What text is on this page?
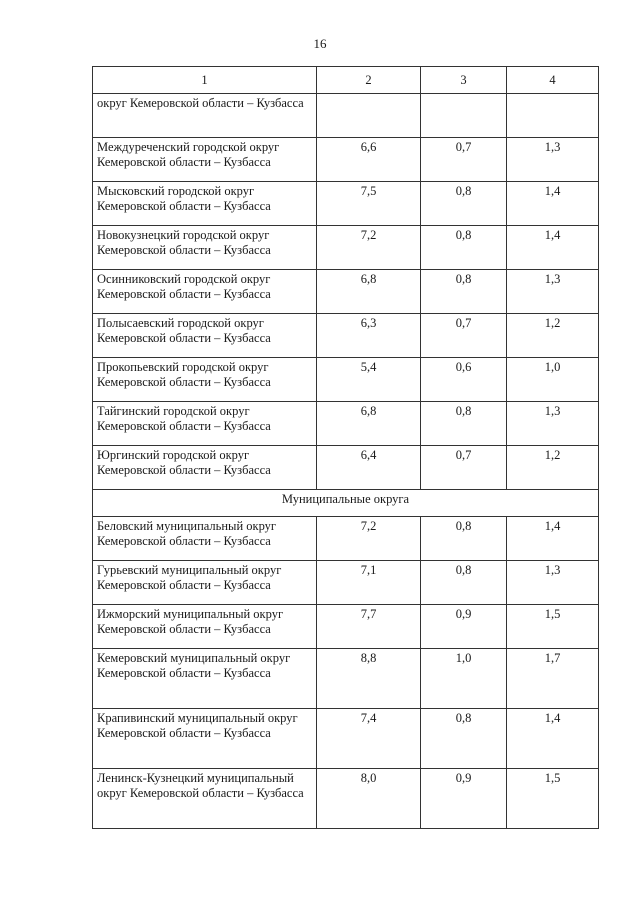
16
1	2	3	4
округ Кемеровской области – Кузбасса			
Междуреченский городской округ Кемеровской области – Кузбасса	6,6	0,7	1,3
Мысковский городской округ Кемеровской области – Кузбасса	7,5	0,8	1,4
Новокузнецкий городской округ Кемеровской области – Кузбасса	7,2	0,8	1,4
Осинниковский городской округ Кемеровской области – Кузбасса	6,8	0,8	1,3
Полысаевский городской округ Кемеровской области – Кузбасса	6,3	0,7	1,2
Прокопьевский городской округ Кемеровской области – Кузбасса	5,4	0,6	1,0
Тайгинский городской округ Кемеровской области – Кузбасса	6,8	0,8	1,3
Юргинский городской округ Кемеровской области – Кузбасса	6,4	0,7	1,2
Муниципальные округа			
Беловский муниципальный округ Кемеровской области – Кузбасса	7,2	0,8	1,4
Гурьевский муниципальный округ Кемеровской области – Кузбасса	7,1	0,8	1,3
Ижморский муниципальный округ Кемеровской области – Кузбасса	7,7	0,9	1,5
Кемеровский муниципальный округ Кемеровской области – Кузбасса	8,8	1,0	1,7
Крапивинский муниципальный округ Кемеровской области – Кузбасса	7,4	0,8	1,4
Ленинск-Кузнецкий муниципальный округ Кемеровской области – Кузбасса	8,0	0,9	1,5
